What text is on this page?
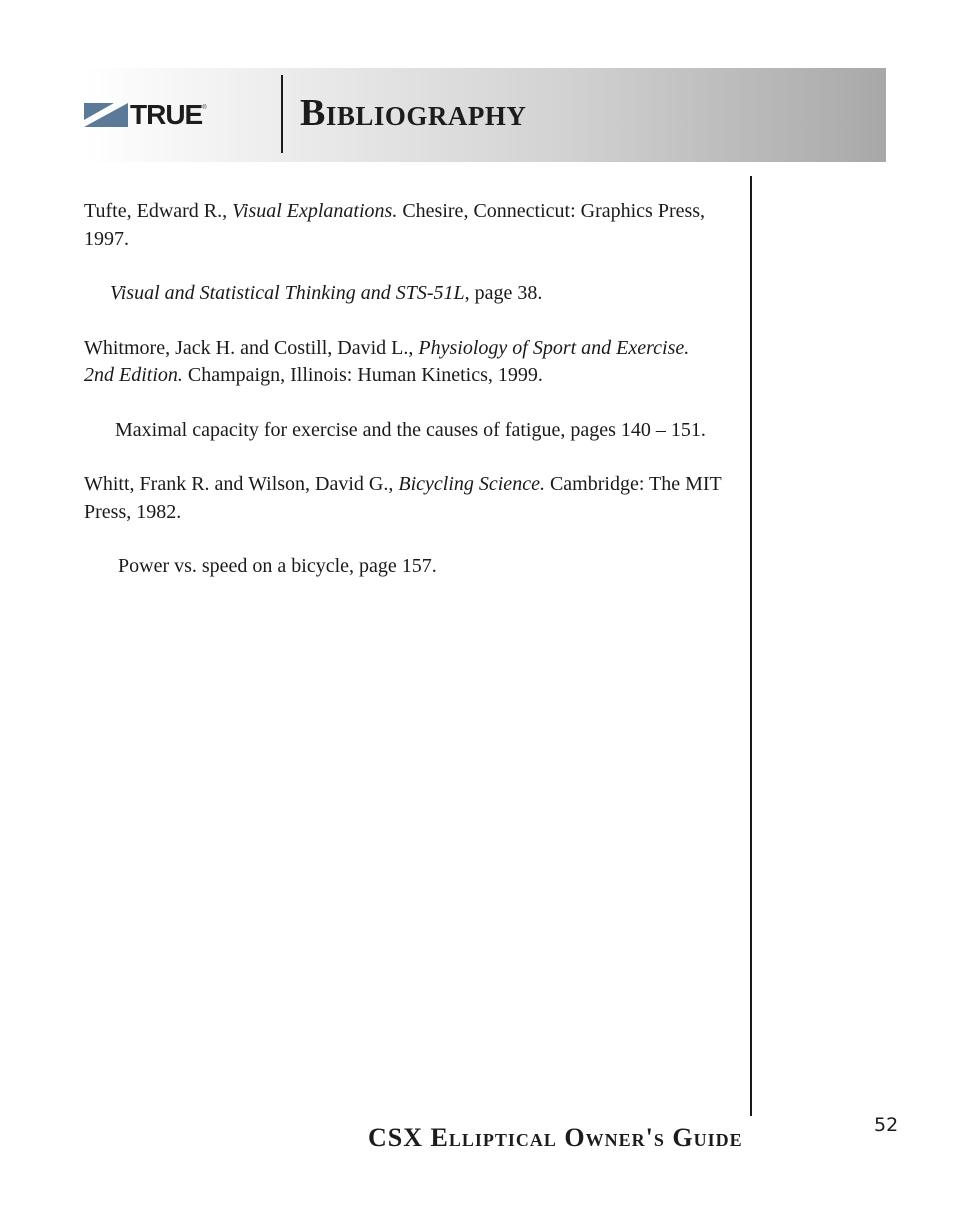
TRUE ® Bibliography

Tufte, Edward R., Visual Explanations. Chesire, Connecticut: Graphics Press, 1997.

Visual and Statistical Thinking and STS-51L, page 38.

Whitmore, Jack H. and Costill, David L., Physiology of Sport and Exercise. 2nd Edition. Champaign, Illinois: Human Kinetics, 1999.

Maximal capacity for exercise and the causes of fatigue, pages 140 – 151.

Whitt, Frank R. and Wilson, David G., Bicycling Science. Cambridge: The MIT Press, 1982.

Power vs. speed on a bicycle, page 157.

CSX Elliptical Owner's Guide	52
